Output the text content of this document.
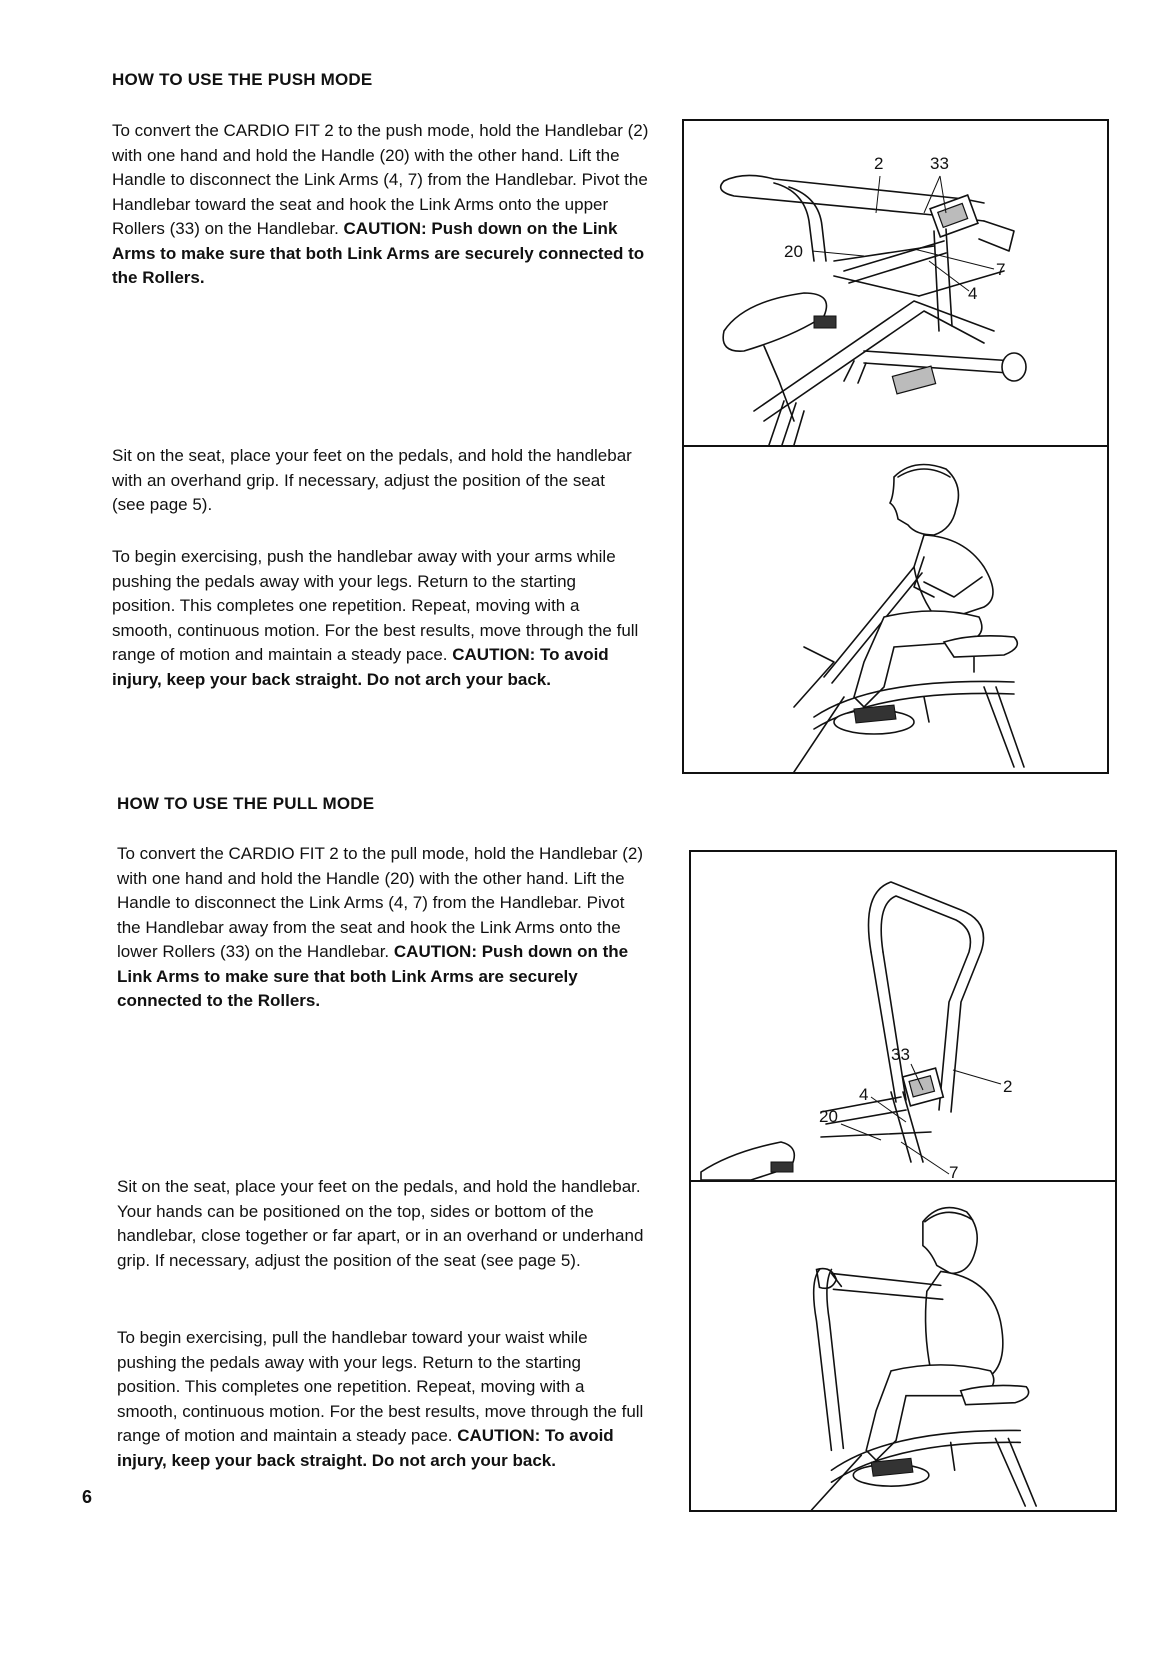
HOW TO USE THE PUSH MODE

To convert the CARDIO FIT 2 to the push mode, hold the Handlebar (2) with one hand and hold the Handle (20) with the other hand. Lift the Handle to disconnect the Link Arms (4, 7) from the Handlebar. Pivot the Handlebar toward the seat and hook the Link Arms onto the upper Rollers (33) on the Handlebar. CAUTION: Push down on the Link Arms to make sure that both Link Arms are securely connected to the Rollers.

Sit on the seat, place your feet on the pedals, and hold the handlebar with an overhand grip. If necessary, adjust the position of the seat (see page 5).

To begin exercising, push the handlebar away with your arms while pushing the pedals away with your legs. Return to the starting position. This completes one repetition. Repeat, moving with a smooth, continuous motion. For the best results, move through the full range of motion and maintain a steady pace. CAUTION: To avoid injury, keep your back straight. Do not arch your back.

HOW TO USE THE PULL MODE

To convert the CARDIO FIT 2 to the pull mode, hold the Handlebar (2) with one hand and hold the Handle (20) with the other hand. Lift the Handle to disconnect the Link Arms (4, 7) from the Handlebar. Pivot the Handlebar away from the seat and hook the Link Arms onto the lower Rollers (33) on the Handlebar. CAUTION: Push down on the Link Arms to make sure that both Link Arms are securely connected to the Rollers.

Sit on the seat, place your feet on the pedals, and hold the handlebar. Your hands can be positioned on the top, sides or bottom of the handlebar, close together or far apart, or in an overhand or underhand grip. If necessary, adjust the position of the seat (see page 5).

To begin exercising, pull the handlebar toward your waist while pushing the pedals away with your legs. Return to the starting position. This completes one repetition. Repeat, moving with a smooth, continuous motion. For the best results, move through the full range of motion and maintain a steady pace. CAUTION: To avoid injury, keep your back straight. Do not arch your back.

6
2	33
20
7
4
33
2
4
20
7
